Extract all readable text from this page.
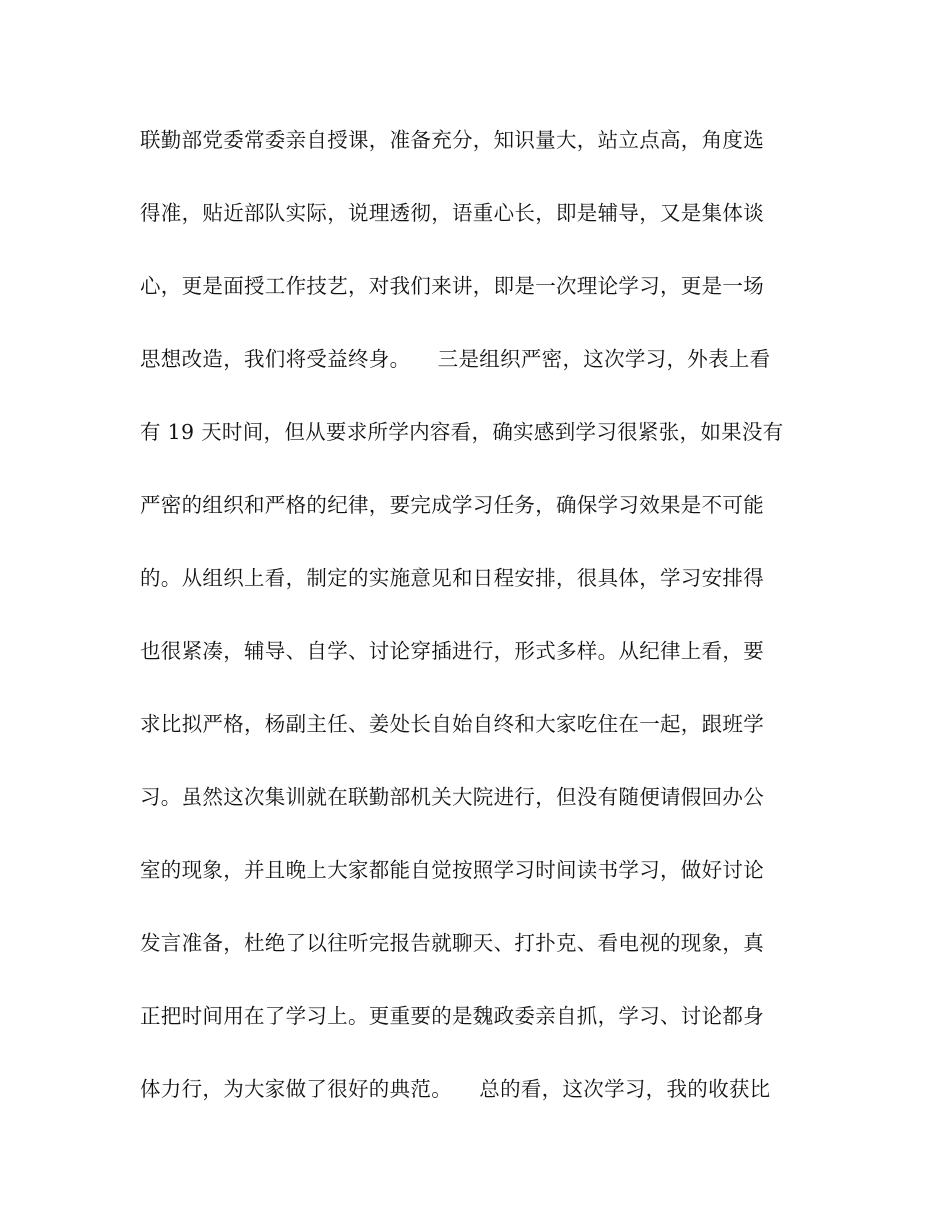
联勤部党委常委亲自授课，准备充分，知识量大，站立点高，角度选
得准，贴近部队实际，说理透彻，语重心长，即是辅导，又是集体谈
心，更是面授工作技艺，对我们来讲，即是一次理论学习，更是一场
思想改造，我们将受益终身。    三是组织严密，这次学习，外表上看
有 19 天时间，但从要求所学内容看，确实感到学习很紧张，如果没有
严密的组织和严格的纪律，要完成学习任务，确保学习效果是不可能
的。从组织上看，制定的实施意见和日程安排，很具体，学习安排得
也很紧凑，辅导、自学、讨论穿插进行，形式多样。从纪律上看，要
求比拟严格，杨副主任、姜处长自始自终和大家吃住在一起，跟班学
习。虽然这次集训就在联勤部机关大院进行，但没有随便请假回办公
室的现象，并且晚上大家都能自觉按照学习时间读书学习，做好讨论
发言准备，杜绝了以往听完报告就聊天、打扑克、看电视的现象，真
正把时间用在了学习上。更重要的是魏政委亲自抓，学习、讨论都身
体力行，为大家做了很好的典范。    总的看，这次学习，我的收获比
